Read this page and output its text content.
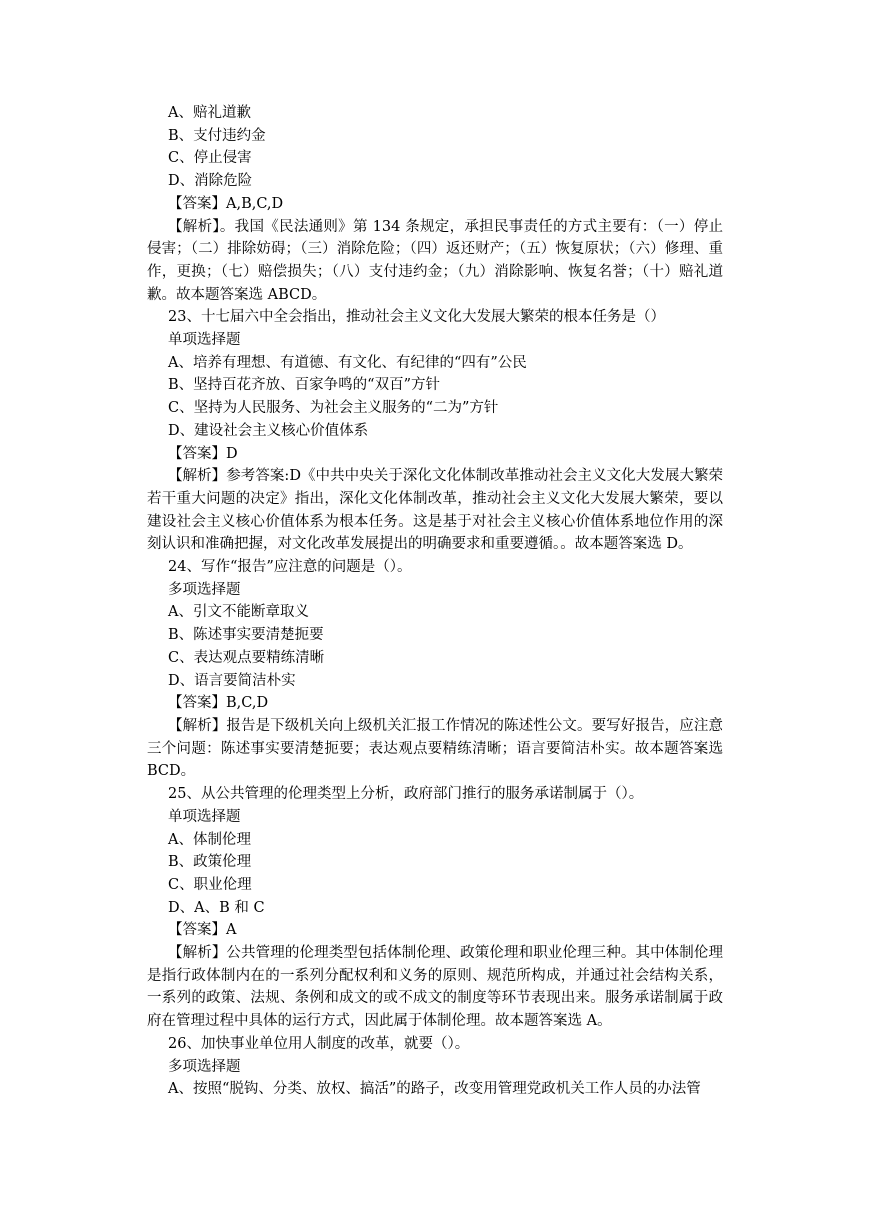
A、赔礼道歉

B、支付违约金

C、停止侵害

D、消除危险

【答案】A,B,C,D

【解析】。我国《民法通则》第 134 条规定，承担民事责任的方式主要有：（一）停止侵害；（二）排除妨碍；（三）消除危险；（四）返还财产；（五）恢复原状；（六）修理、重作，更换；（七）赔偿损失；（八）支付违约金；（九）消除影响、恢复名誉；（十）赔礼道歉。故本题答案选 ABCD。

23、十七届六中全会指出，推动社会主义文化大发展大繁荣的根本任务是（）

单项选择题

A、培养有理想、有道德、有文化、有纪律的“四有”公民

B、坚持百花齐放、百家争鸣的“双百”方针

C、坚持为人民服务、为社会主义服务的“二为”方针

D、建设社会主义核心价值体系

【答案】D

【解析】参考答案:D《中共中央关于深化文化体制改革推动社会主义文化大发展大繁荣若干重大问题的决定》指出，深化文化体制改革，推动社会主义文化大发展大繁荣，要以建设社会主义核心价值体系为根本任务。这是基于对社会主义核心价值体系地位作用的深刻认识和准确把握，对文化改革发展提出的明确要求和重要遵循。。故本题答案选 D。

24、写作“报告”应注意的问题是（）。

多项选择题

A、引文不能断章取义

B、陈述事实要清楚扼要

C、表达观点要精练清晰

D、语言要简洁朴实

【答案】B,C,D

【解析】报告是下级机关向上级机关汇报工作情况的陈述性公文。要写好报告，应注意三个问题：陈述事实要清楚扼要；表达观点要精练清晰；语言要简洁朴实。故本题答案选 BCD。

25、从公共管理的伦理类型上分析，政府部门推行的服务承诺制属于（）。

单项选择题

A、体制伦理

B、政策伦理

C、职业伦理

D、A、B 和 C

【答案】A

【解析】公共管理的伦理类型包括体制伦理、政策伦理和职业伦理三种。其中体制伦理是指行政体制内在的一系列分配权利和义务的原则、规范所构成，并通过社会结构关系，一系列的政策、法规、条例和成文的或不成文的制度等环节表现出来。服务承诺制属于政府在管理过程中具体的运行方式，因此属于体制伦理。故本题答案选 A。

26、加快事业单位用人制度的改革，就要（）。

多项选择题

A、按照“脱钩、分类、放权、搞活”的路子，改变用管理党政机关工作人员的办法管
